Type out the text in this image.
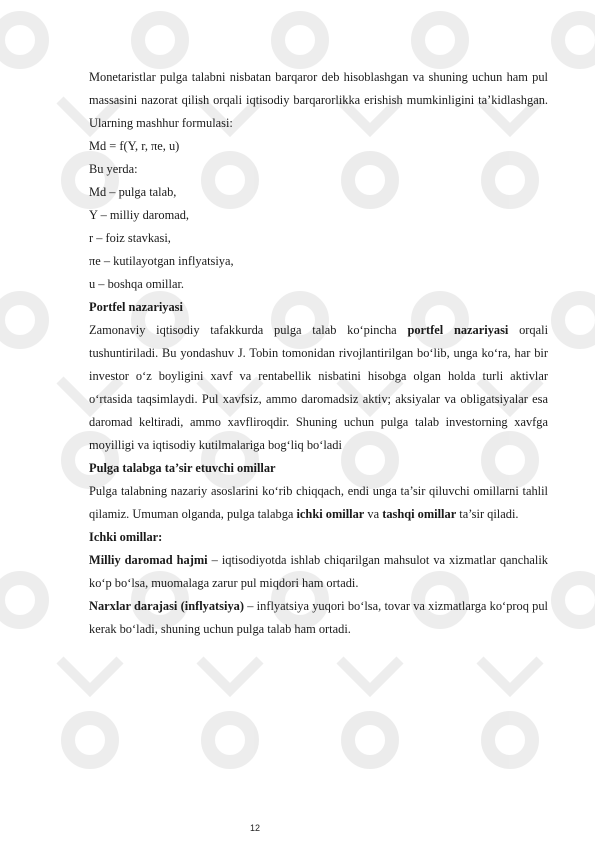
Monetaristlar pulga talabni nisbatan barqaror deb hisoblashgan va shuning uchun ham pul massasini nazorat qilish orqali iqtisodiy barqarorlikka erishish mumkinligini ta’kidlashgan. Ularning mashhur formulasi:

Md = f(Y, r, πe, u)

Bu yerda:

Md – pulga talab,

Y – milliy daromad,

r – foiz stavkasi,

πe – kutilayotgan inflyatsiya,

u – boshqa omillar.

Portfel nazariyasi

Zamonaviy iqtisodiy tafakkurda pulga talab ko‘pincha portfel nazariyasi orqali tushuntiriladi. Bu yondashuv J. Tobin tomonidan rivojlantirilgan bo‘lib, unga ko‘ra, har bir investor o‘z boyligini xavf va rentabellik nisbatini hisobga olgan holda turli aktivlar o‘rtasida taqsimlaydi. Pul xavfsiz, ammo daromadsiz aktiv; aksiyalar va obligatsiyalar esa daromad keltiradi, ammo xavfliroqdir. Shuning uchun pulga talab investorning xavfga moyilligi va iqtisodiy kutilmalariga bog‘liq bo‘ladi

Pulga talabga ta’sir etuvchi omillar

Pulga talabning nazariy asoslarini ko‘rib chiqqach, endi unga ta’sir qiluvchi omillarni tahlil qilamiz. Umuman olganda, pulga talabga ichki omillar va tashqi omillar ta’sir qiladi.

Ichki omillar:

Milliy daromad hajmi – iqtisodiyotda ishlab chiqarilgan mahsulot va xizmatlar qanchalik ko‘p bo‘lsa, muomalaga zarur pul miqdori ham ortadi.

Narxlar darajasi (inflyatsiya) – inflyatsiya yuqori bo‘lsa, tovar va xizmatlarga ko‘proq pul kerak bo‘ladi, shuning uchun pulga talab ham ortadi.

12
